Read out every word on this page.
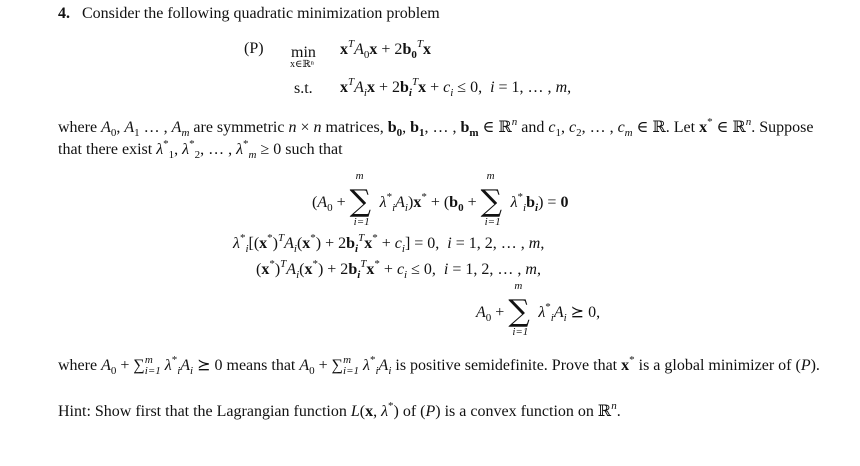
4. Consider the following quadratic minimization problem
(P) min
x∈ℝⁿ
$x^TA_0x + 2b_0^Tx$
s.t. $x^TA_ix + 2b_i^Tx + c_i \le 0$,  i = 1, … , m,
where $A_0$, $A_1$ … , $A_m$ are symmetric n × n matrices, $b_0$, $b_1$, … , $b_m$ ∈ ℝ$^n$ and $c_1$, $c_2$, … , $c_m$ ∈ ℝ. Let x* ∈ ℝ$^n$. Suppose that there exist $\lambda^*_1$, $\lambda^*_2$, … , $\lambda^*_m \ge 0$ such that
($A_0$ + ∑
m
i=1
$\lambda^*_iA_i)x^* + (b_0$ + ∑
m
i=1
$\lambda^*_ib_i) = 0$
$\lambda^*_i[(x^*)^TA_i(x^*) + 2b_i^Tx^* + c_i] = 0$,  i = 1, 2, … , m,
$(x^*)^TA_i(x^*) + 2b_i^Tx^* + c_i \le 0$,  i = 1, 2, … , m,
$A_0$ + ∑
m
i=1
$\lambda^*_iA_i$ ⪰ 0,
where $A_0 + \sum^m_{i=1}$ $\lambda^*_iA_i$ ⪰ 0 means that $A_0 + \sum^m_{i=1}$ $\lambda^*_iA_i$ is positive semidefinite. Prove that x* is a global minimizer of (P).
Hint: Show first that the Lagrangian function L(x, λ*) of (P) is a convex function on ℝ$^n$.
